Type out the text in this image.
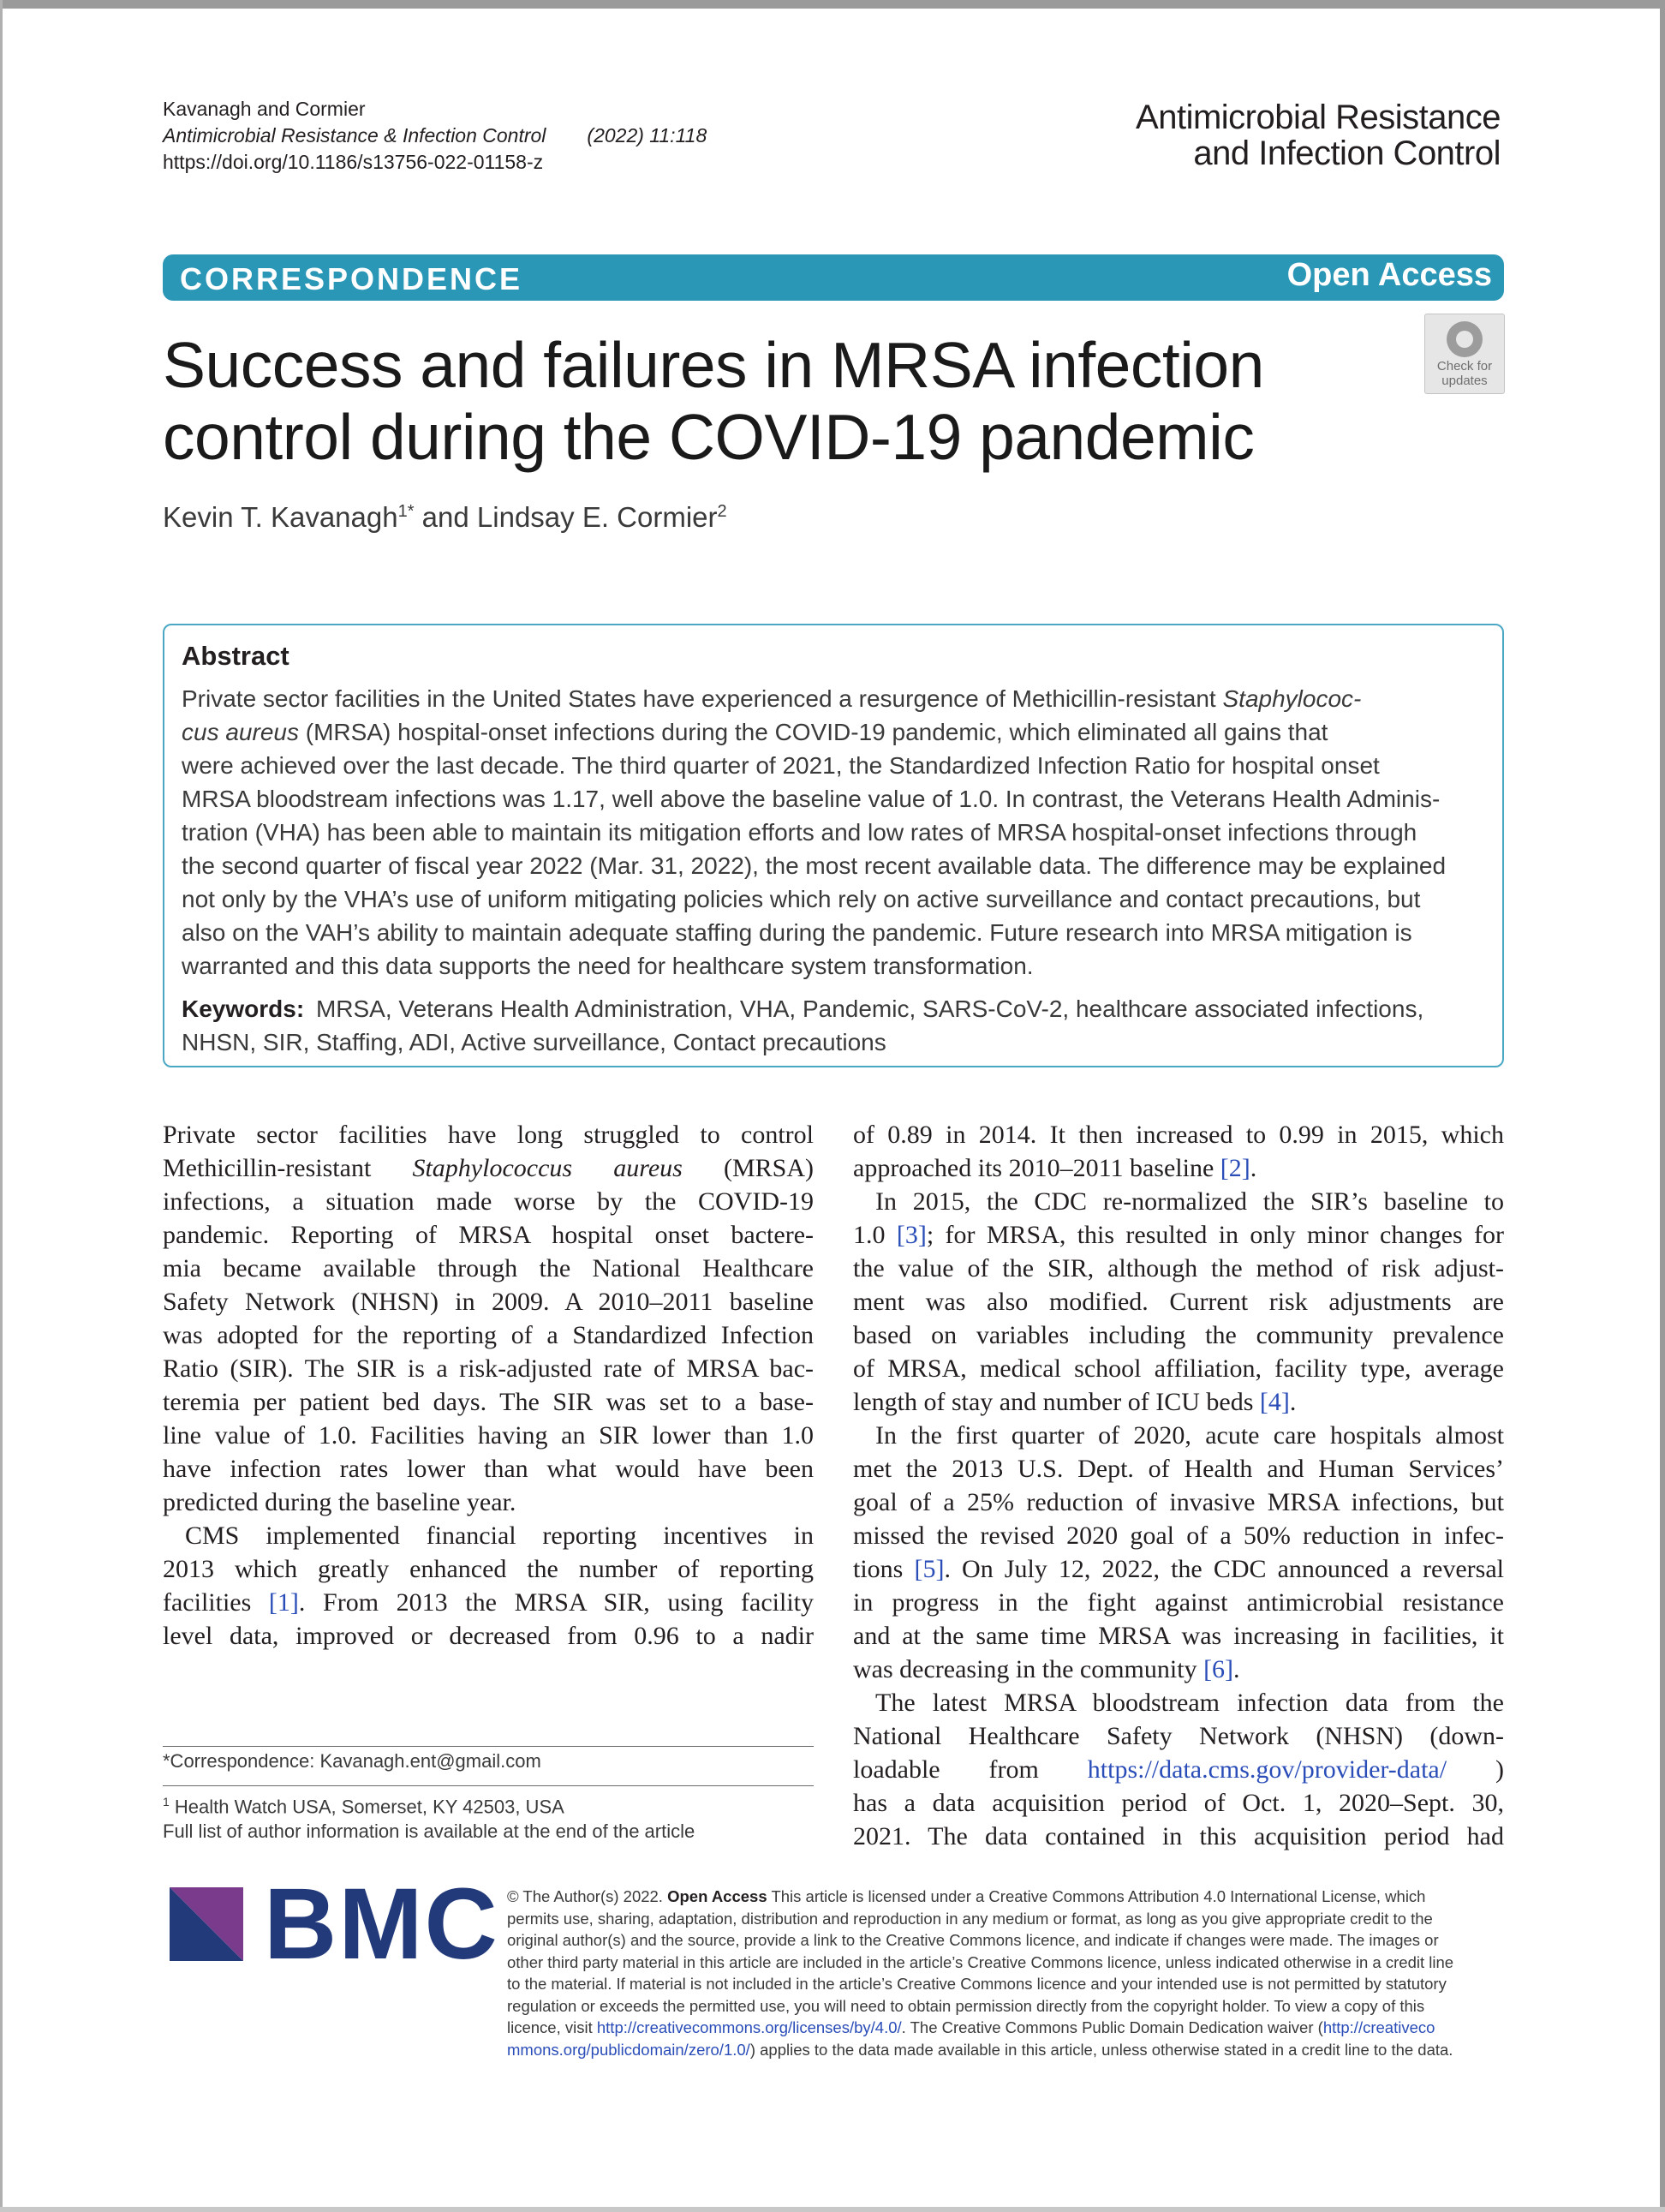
Kavanagh and Cormier
Antimicrobial Resistance & Infection Control (2022) 11:118
https://doi.org/10.1186/s13756-022-01158-z
Antimicrobial Resistance
and Infection Control
CORRESPONDENCE	Open Access
Check for
updates
Success and failures in MRSA infection
control during the COVID-19 pandemic
Kevin T. Kavanagh$^{1*}$ and Lindsay E. Cormier$^2$
Abstract
Private sector facilities in the United States have experienced a resurgence of Methicillin-resistant Staphylococ-
cus aureus (MRSA) hospital-onset infections during the COVID-19 pandemic, which eliminated all gains that
were achieved over the last decade. The third quarter of 2021, the Standardized Infection Ratio for hospital onset
MRSA bloodstream infections was 1.17, well above the baseline value of 1.0. In contrast, the Veterans Health Adminis-
tration (VHA) has been able to maintain its mitigation efforts and low rates of MRSA hospital-onset infections through
the second quarter of fiscal year 2022 (Mar. 31, 2022), the most recent available data. The difference may be explained
not only by the VHA’s use of uniform mitigating policies which rely on active surveillance and contact precautions, but
also on the VAH’s ability to maintain adequate staffing during the pandemic. Future research into MRSA mitigation is
warranted and this data supports the need for healthcare system transformation.
Keywords: MRSA, Veterans Health Administration, VHA, Pandemic, SARS-CoV-2, healthcare associated infections,
NHSN, SIR, Staffing, ADI, Active surveillance, Contact precautions
Private sector facilities have long struggled to control
Methicillin-resistant Staphylococcus aureus (MRSA)
infections, a situation made worse by the COVID-19
pandemic. Reporting of MRSA hospital onset bactere-
mia became available through the National Healthcare
Safety Network (NHSN) in 2009. A 2010–2011 baseline
was adopted for the reporting of a Standardized Infection
Ratio (SIR). The SIR is a risk-adjusted rate of MRSA bac-
teremia per patient bed days. The SIR was set to a base-
line value of 1.0. Facilities having an SIR lower than 1.0
have infection rates lower than what would have been
predicted during the baseline year.
CMS implemented financial reporting incentives in
2013 which greatly enhanced the number of reporting
facilities [1]. From 2013 the MRSA SIR, using facility
level data, improved or decreased from 0.96 to a nadir
of 0.89 in 2014. It then increased to 0.99 in 2015, which
approached its 2010–2011 baseline [2].
In 2015, the CDC re-normalized the SIR’s baseline to
1.0 [3]; for MRSA, this resulted in only minor changes for
the value of the SIR, although the method of risk adjust-
ment was also modified. Current risk adjustments are
based on variables including the community prevalence
of MRSA, medical school affiliation, facility type, average
length of stay and number of ICU beds [4].
In the first quarter of 2020, acute care hospitals almost
met the 2013 U.S. Dept. of Health and Human Services’
goal of a 25% reduction of invasive MRSA infections, but
missed the revised 2020 goal of a 50% reduction in infec-
tions [5]. On July 12, 2022, the CDC announced a reversal
in progress in the fight against antimicrobial resistance
and at the same time MRSA was increasing in facilities, it
was decreasing in the community [6].
The latest MRSA bloodstream infection data from the
National Healthcare Safety Network (NHSN) (down-
loadable   from   https://data.cms.gov/provider-data/   )
has a data acquisition period of Oct. 1, 2020–Sept. 30,
2021. The data contained in this acquisition period had
*Correspondence: Kavanagh.ent@gmail.com
$^1$ Health Watch USA, Somerset, KY 42503, USA
Full list of author information is available at the end of the article
BMC © The Author(s) 2022. Open Access This article is licensed under a Creative Commons Attribution 4.0 International License, which
permits use, sharing, adaptation, distribution and reproduction in any medium or format, as long as you give appropriate credit to the
original author(s) and the source, provide a link to the Creative Commons licence, and indicate if changes were made. The images or
other third party material in this article are included in the article’s Creative Commons licence, unless indicated otherwise in a credit line
to the material. If material is not included in the article’s Creative Commons licence and your intended use is not permitted by statutory
regulation or exceeds the permitted use, you will need to obtain permission directly from the copyright holder. To view a copy of this
licence, visit http://creativecommons.org/licenses/by/4.0/. The Creative Commons Public Domain Dedication waiver (http://creativeco
mmons.org/publicdomain/zero/1.0/) applies to the data made available in this article, unless otherwise stated in a credit line to the data.
